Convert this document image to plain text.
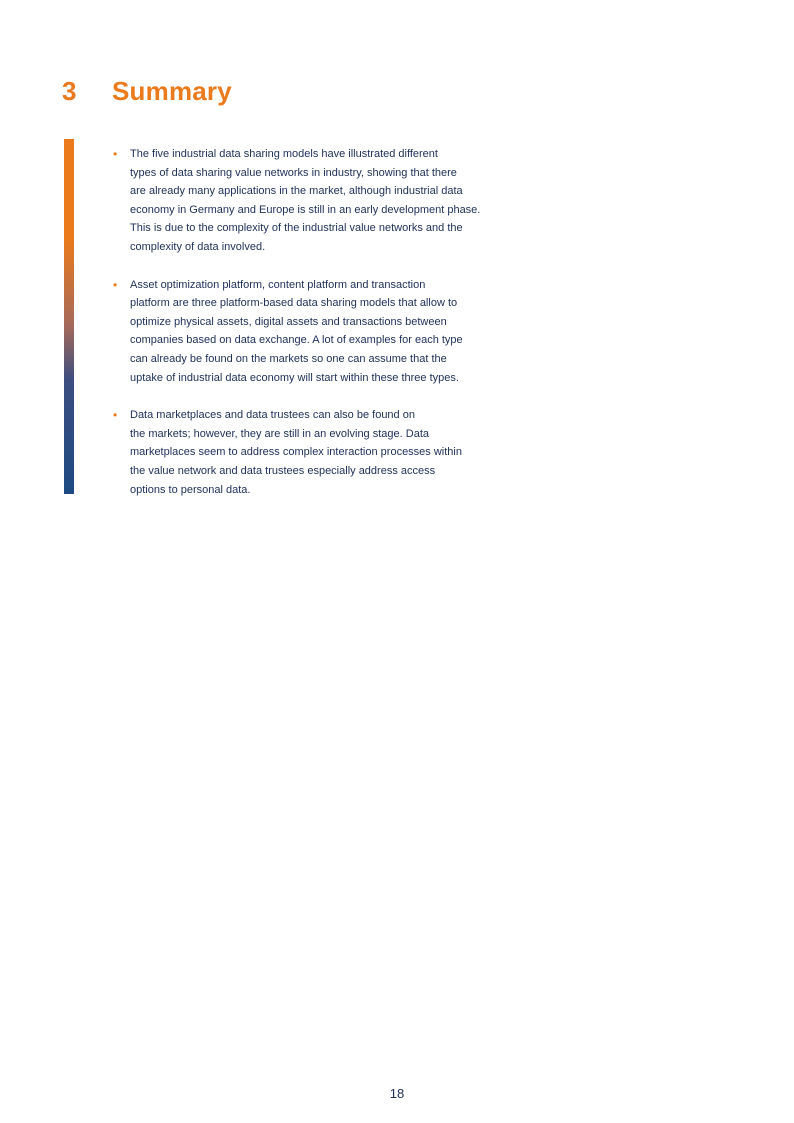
3	Summary
• The five industrial data sharing models have illustrated different
types of data sharing value networks in industry, showing that there
are already many applications in the market, although industrial data
economy in Germany and Europe is still in an early development phase.
This is due to the complexity of the industrial value networks and the
complexity of data involved.
• Asset optimization platform, content platform and transaction
platform are three platform-based data sharing models that allow to
optimize physical assets, digital assets and transactions between
companies based on data exchange. A lot of examples for each type
can already be found on the markets so one can assume that the
uptake of industrial data economy will start within these three types.
• Data marketplaces and data trustees can also be found on
the markets; however, they are still in an evolving stage. Data
marketplaces seem to address complex interaction processes within
the value network and data trustees especially address access
options to personal data.
18
